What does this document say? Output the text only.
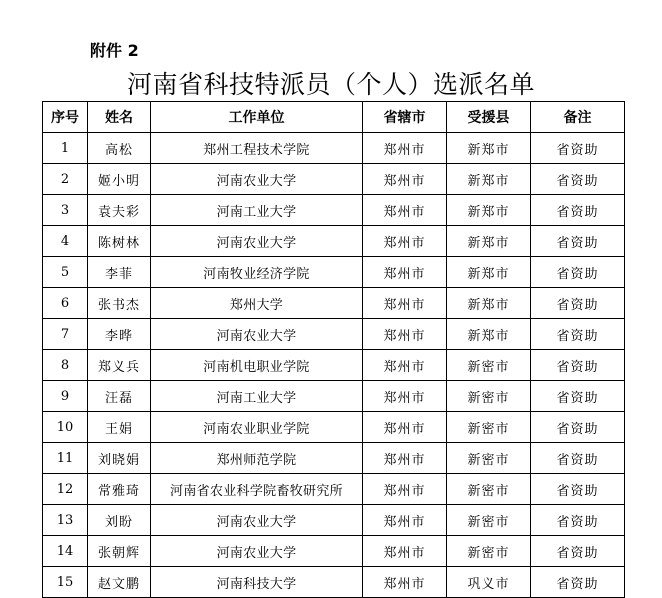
附件 2
河南省科技特派员（个人）选派名单
序号	姓名	工作单位	省辖市	受援县	备注
1	高松	郑州工程技术学院	郑州市	新郑市	省资助
2	姬小明	河南农业大学	郑州市	新郑市	省资助
3	袁夫彩	河南工业大学	郑州市	新郑市	省资助
4	陈树林	河南农业大学	郑州市	新郑市	省资助
5	李菲	河南牧业经济学院	郑州市	新郑市	省资助
6	张书杰	郑州大学	郑州市	新郑市	省资助
7	李晔	河南农业大学	郑州市	新郑市	省资助
8	郑义兵	河南机电职业学院	郑州市	新密市	省资助
9	汪磊	河南工业大学	郑州市	新密市	省资助
10	王娟	河南农业职业学院	郑州市	新密市	省资助
11	刘晓娟	郑州师范学院	郑州市	新密市	省资助
12	常雅琦	河南省农业科学院畜牧研究所	郑州市	新密市	省资助
13	刘盼	河南农业大学	郑州市	新密市	省资助
14	张朝辉	河南农业大学	郑州市	新密市	省资助
15	赵文鹏	河南科技大学	郑州市	巩义市	省资助
